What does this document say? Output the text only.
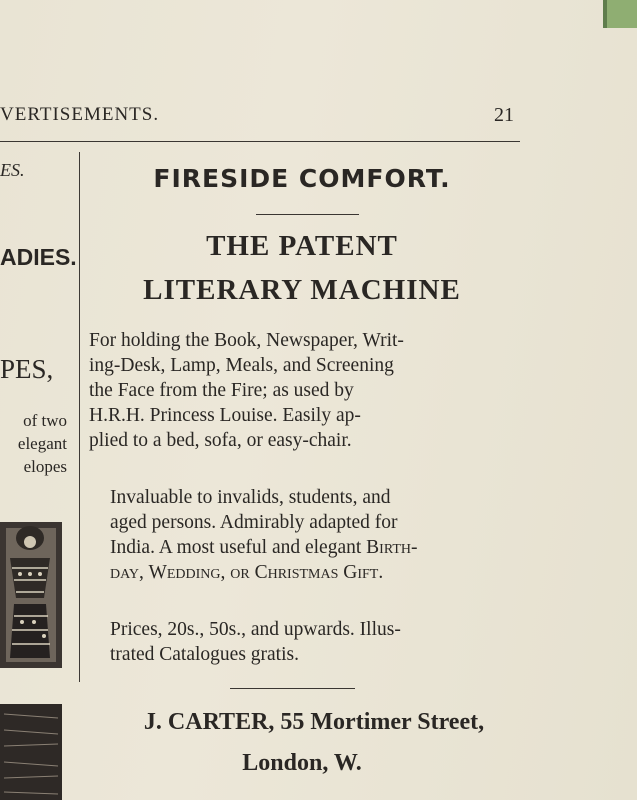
VERTISEMENTS.	21
ES.
ADIES.
PES,
of two
elegant
elopes
FIRESIDE COMFORT.
THE PATENT
LITERARY MACHINE
For holding the Book, Newspaper, Writ-
ing-Desk, Lamp, Meals, and Screening
the Face from the Fire; as used by
H.R.H. Princess Louise. Easily ap-
plied to a bed, sofa, or easy-chair.
Invaluable to invalids, students, and
aged persons. Admirably adapted for
India. A most useful and elegant Birth-
day, Wedding, or Christmas Gift.
Prices, 20s., 50s., and upwards. Illus-
trated Catalogues gratis.
J. CARTER, 55 Mortimer Street,
London, W.
